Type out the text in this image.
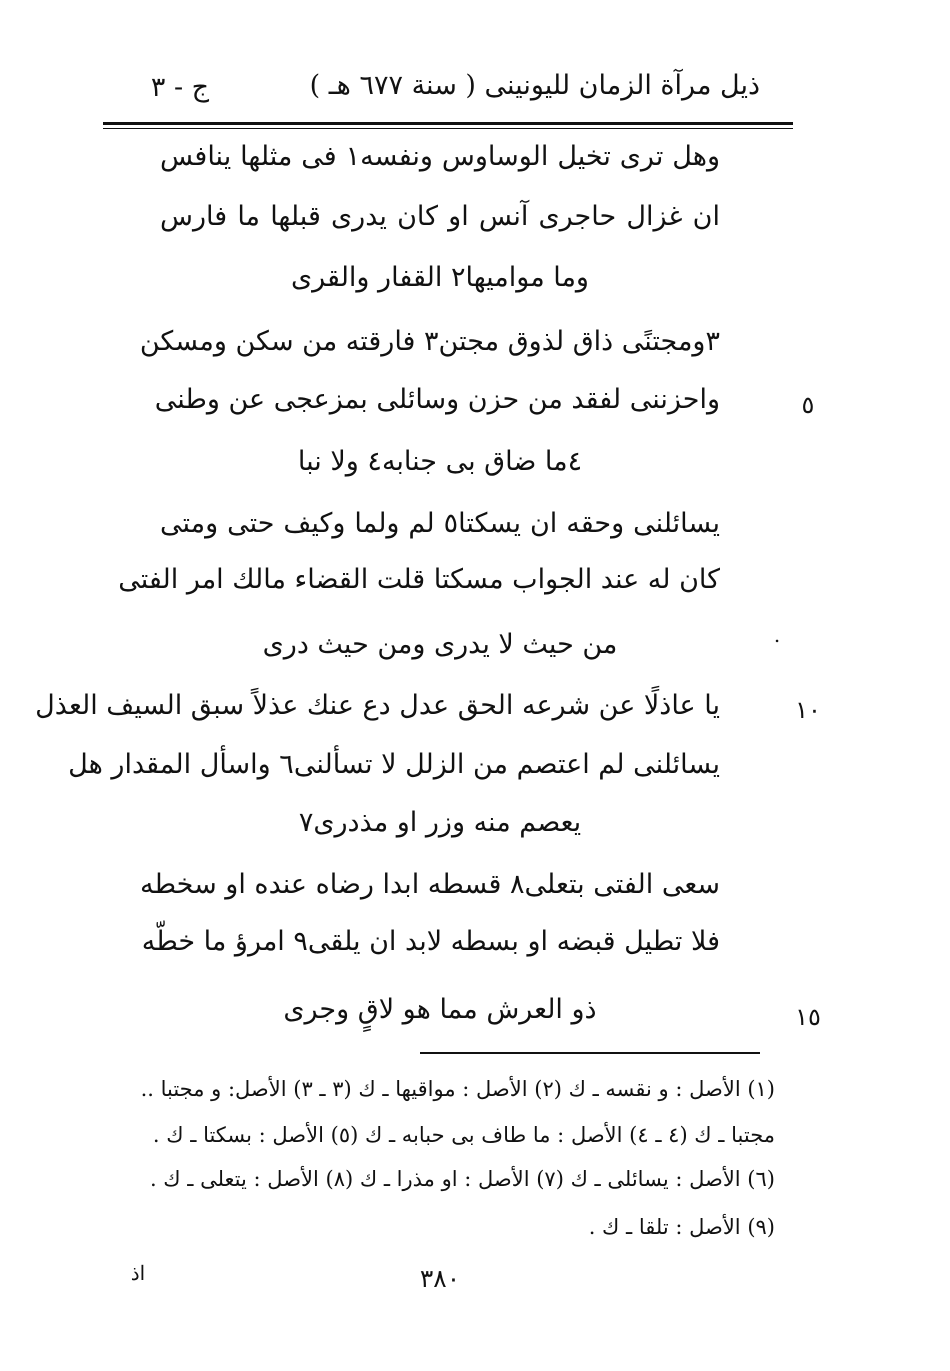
ذيل مرآة الزمان لليونينى ( سنة ٦٧٧ هـ )
ج - ٣
وهل ترى تخيل الوساوس ونفسه١ فى مثلها ينافس
ان غزال حاجرى آنس او كان يدرى قبلها ما فارس
وما مواميها٢ القفار والقرى
٣ومجتنًى ذاق لذوق مجتن٣ فارقته من سكن ومسكن
واحزننى لفقد من حزن وسائلى بمزعجى عن وطنى	٥
٤ما ضاق بى جنابه٤ ولا نبا
يسائلنى وحقه ان يسكتا٥ لم ولما وكيف حتى ومتى
كان له عند الجواب مسكتا قلت القضاء مالك امر الفتى
من حيث لا يدرى ومن حيث درى	.
يا عاذلًا عن شرعه الحق عدل دع عنك عذلاً سبق السيف العذل	١٠
يسائلنى لم اعتصم من الزلل لا تسألنى٦ واسأل المقدار هل
يعصم منه وزر او مذدرى٧
سعى الفتى بتعلى٨ قسطه ابدا رضاه عنده او سخطه
فلا تطيل قبضه او بسطه لابد ان يلقى٩ امرؤ ما خطّه
ذو العرش مما هو لاقٍ وجرى	١٥
(١) الأصل : و نقسه ـ ك (٢) الأصل : مواقيها ـ ك (٣ ـ ٣) الأصل: و مجتبا ..
مجتبا ـ ك (٤ ـ ٤) الأصل : ما طاف بى حبابه ـ ك (٥) الأصل : بسكتا ـ ك .
(٦) الأصل : يسائلى ـ ك (٧) الأصل : او مذرا ـ ك (٨) الأصل : يتعلى ـ ك .
(٩) الأصل : تلقا ـ ك .
٣٨٠
اذ
